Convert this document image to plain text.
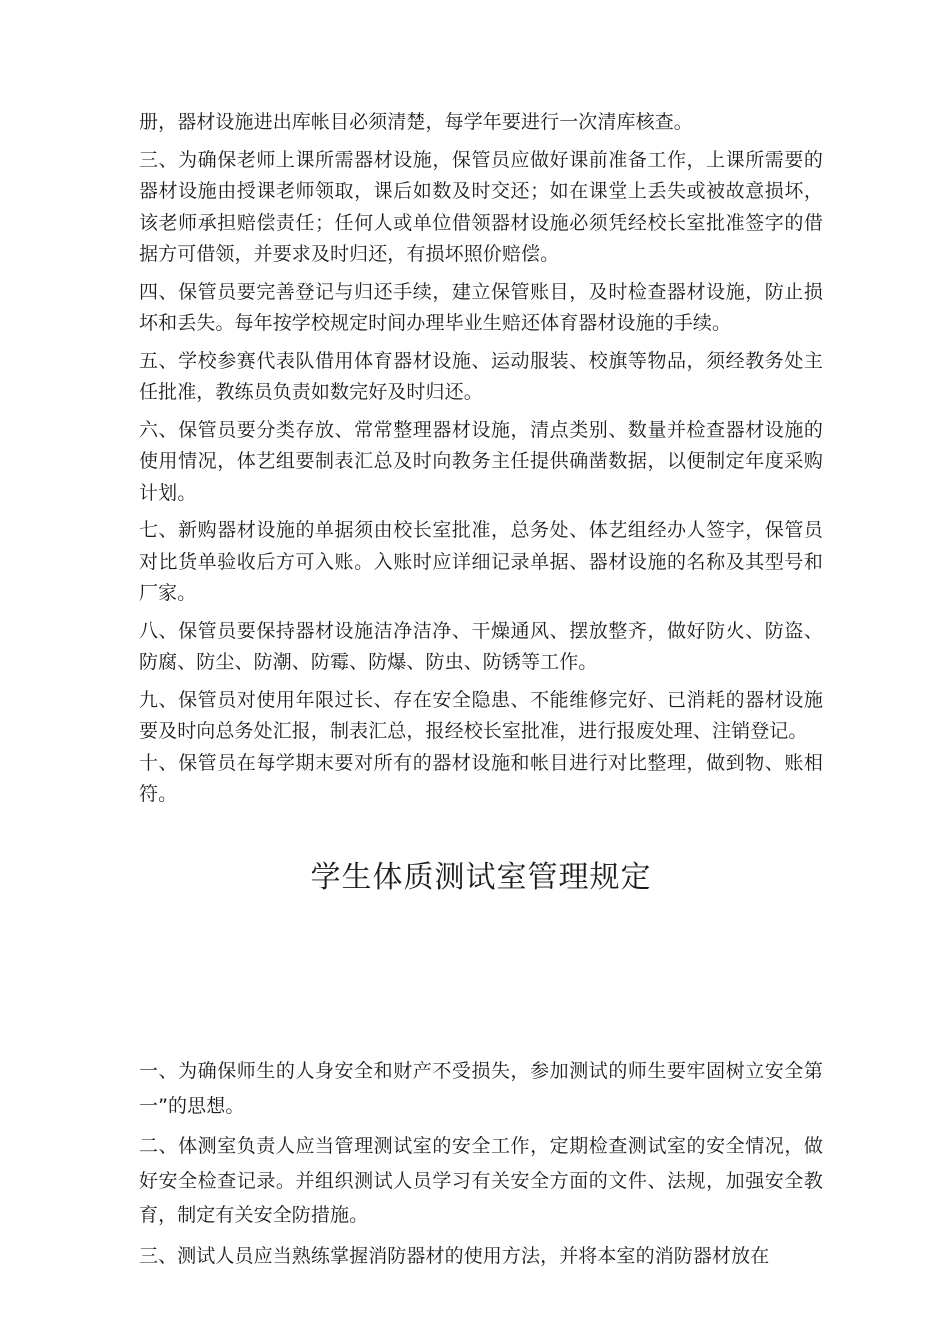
册，器材设施进出库帐目必须清楚，每学年要进行一次清库核查。

三、为确保老师上课所需器材设施，保管员应做好课前准备工作，上课所需要的器材设施由授课老师领取，课后如数及时交还；如在课堂上丢失或被故意损坏，该老师承担赔偿责任；任何人或单位借领器材设施必须凭经校长室批准签字的借据方可借领，并要求及时归还，有损坏照价赔偿。

四、保管员要完善登记与归还手续，建立保管账目，及时检查器材设施，防止损坏和丢失。每年按学校规定时间办理毕业生赔还体育器材设施的手续。

五、学校参赛代表队借用体育器材设施、运动服装、校旗等物品，须经教务处主任批准，教练员负责如数完好及时归还。

六、保管员要分类存放、常常整理器材设施，清点类别、数量并检查器材设施的使用情况，体艺组要制表汇总及时向教务主任提供确凿数据，以便制定年度采购计划。

七、新购器材设施的单据须由校长室批准，总务处、体艺组经办人签字，保管员对比货单验收后方可入账。入账时应详细记录单据、器材设施的名称及其型号和厂家。

八、保管员要保持器材设施洁净洁净、干燥通风、摆放整齐，做好防火、防盗、防腐、防尘、防潮、防霉、防爆、防虫、防锈等工作。

九、保管员对使用年限过长、存在安全隐患、不能维修完好、已消耗的器材设施要及时向总务处汇报，制表汇总，报经校长室批准，进行报废处理、注销登记。

十、保管员在每学期末要对所有的器材设施和帐目进行对比整理，做到物、账相符。

学生体质测试室管理规定

一、为确保师生的人身安全和财产不受损失，参加测试的师生要牢固树立安全第一”的思想。

二、体测室负责人应当管理测试室的安全工作，定期检查测试室的安全情况，做好安全检查记录。并组织测试人员学习有关安全方面的文件、法规，加强安全教育，制定有关安全防措施。

三、测试人员应当熟练掌握消防器材的使用方法，并将本室的消防器材放在
